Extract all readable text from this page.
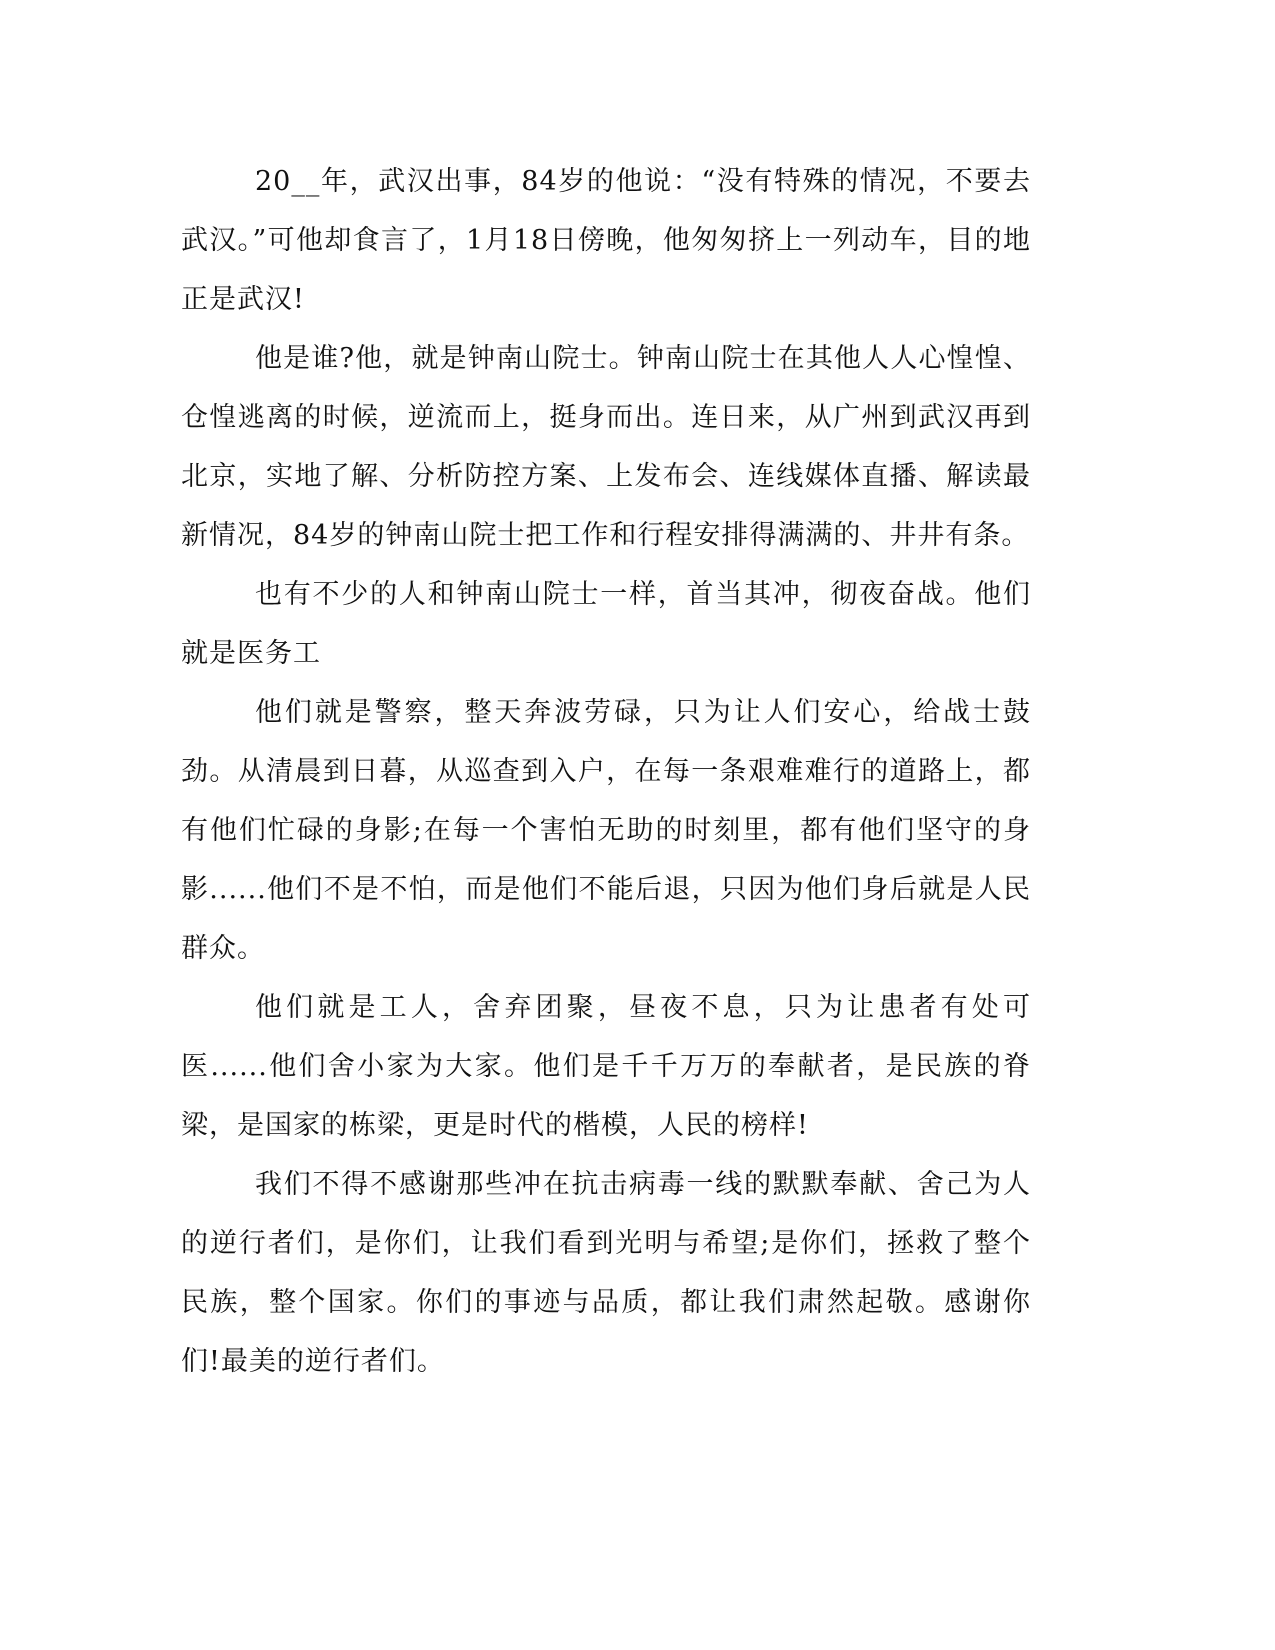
20__年，武汉出事，84岁的他说：“没有特殊的情况，不要去武汉。”可他却食言了，1月18日傍晚，他匆匆挤上一列动车，目的地正是武汉!

他是谁?他，就是钟南山院士。钟南山院士在其他人人心惶惶、仓惶逃离的时候，逆流而上，挺身而出。连日来，从广州到武汉再到北京，实地了解、分析防控方案、上发布会、连线媒体直播、解读最新情况，84岁的钟南山院士把工作和行程安排得满满的、井井有条。

也有不少的人和钟南山院士一样，首当其冲，彻夜奋战。他们就是医务工

他们就是警察，整天奔波劳碌，只为让人们安心，给战士鼓劲。从清晨到日暮，从巡查到入户，在每一条艰难难行的道路上，都有他们忙碌的身影;在每一个害怕无助的时刻里，都有他们坚守的身影......他们不是不怕，而是他们不能后退，只因为他们身后就是人民群众。

他们就是工人，舍弃团聚，昼夜不息，只为让患者有处可医......他们舍小家为大家。他们是千千万万的奉献者，是民族的脊梁，是国家的栋梁，更是时代的楷模，人民的榜样!

我们不得不感谢那些冲在抗击病毒一线的默默奉献、舍己为人的逆行者们，是你们，让我们看到光明与希望;是你们，拯救了整个民族，整个国家。你们的事迹与品质，都让我们肃然起敬。感谢你们!最美的逆行者们。
